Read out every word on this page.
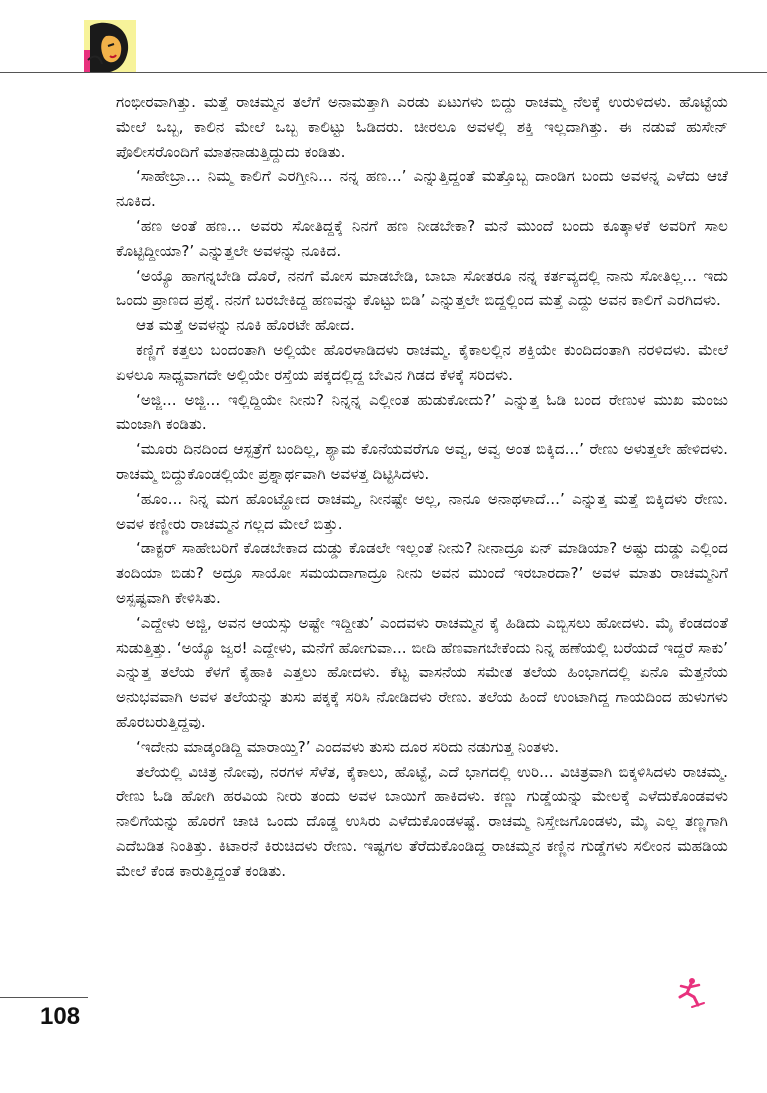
ಗಂಭೀರವಾಗಿತ್ತು. ಮತ್ತೆ ರಾಚಮ್ಮನ ತಲೆಗೆ ಅನಾಮತ್ತಾಗಿ ಎರಡು ಏಟುಗಳು ಬಿದ್ದು ರಾಚಮ್ಮ ನೆಲಕ್ಕೆ ಉರುಳಿದಳು. ಹೊಟ್ಟೆಯ ಮೇಲೆ ಒಬ್ಬ, ಕಾಲಿನ ಮೇಲೆ ಒಬ್ಬ ಕಾಲಿಟ್ಟು ಓಡಿದರು. ಚೀರಲೂ ಅವಳಲ್ಲಿ ಶಕ್ತಿ ಇಲ್ಲದಾಗಿತ್ತು. ಈ ನಡುವೆ ಹುಸೇನ್ ಪೊಲೀಸರೊಂದಿಗೆ ಮಾತನಾಡುತ್ತಿದ್ದುದು ಕಂಡಿತು.

‘ಸಾಹೇಬ್ರಾ... ನಿಮ್ಮ ಕಾಲಿಗೆ ಎರಗ್ತೀನಿ... ನನ್ನ ಹಣ...’ ಎನ್ನುತ್ತಿದ್ದಂತೆ ಮತ್ತೊಬ್ಬ ದಾಂಡಿಗ ಬಂದು ಅವಳನ್ನ ಎಳೆದು ಆಚೆ ನೂಕಿದ.

‘ಹಣ ಅಂತೆ ಹಣ... ಅವರು ಸೋತಿದ್ದಕ್ಕೆ ನಿನಗೆ ಹಣ ನೀಡಬೇಕಾ? ಮನೆ ಮುಂದೆ ಬಂದು ಕೂತ್ಕಾಳಕೆ ಅವರಿಗೆ ಸಾಲ ಕೊಟ್ಟಿದ್ದೀಯಾ?’ ಎನ್ನುತ್ತಲೇ ಅವಳನ್ನು ನೂಕಿದ.

‘ಅಯ್ಯೊ ಹಾಗನ್ನಬೇಡಿ ದೊರೆ, ನನಗೆ ಮೋಸ ಮಾಡಬೇಡಿ, ಬಾಬಾ ಸೋತರೂ ನನ್ನ ಕರ್ತವ್ಯದಲ್ಲಿ ನಾನು ಸೋತಿಲ್ಲ... ಇದು ಒಂದು ಪ್ರಾಣದ ಪ್ರಶ್ನೆ. ನನಗೆ ಬರಬೇಕಿದ್ದ ಹಣವನ್ನು ಕೊಟ್ಟು ಬಿಡಿ’ ಎನ್ನುತ್ತಲೇ ಬಿದ್ದಲ್ಲಿಂದ ಮತ್ತೆ ಎದ್ದು ಅವನ ಕಾಲಿಗೆ ಎರಗಿದಳು.

ಆತ ಮತ್ತೆ ಅವಳನ್ನು ನೂಕಿ ಹೊರಟೇ ಹೋದ.

ಕಣ್ಣಿಗೆ ಕತ್ತಲು ಬಂದಂತಾಗಿ ಅಲ್ಲಿಯೇ ಹೊರಳಾಡಿದಳು ರಾಚಮ್ಮ. ಕೈಕಾಲಲ್ಲಿನ ಶಕ್ತಿಯೇ ಕುಂದಿದಂತಾಗಿ ನರಳಿದಳು. ಮೇಲೆ ಏಳಲೂ ಸಾಧ್ಯವಾಗದೇ ಅಲ್ಲಿಯೇ ರಸ್ತೆಯ ಪಕ್ಕದಲ್ಲಿದ್ದ ಬೇವಿನ ಗಿಡದ ಕೆಳಕ್ಕೆ ಸರಿದಳು.

‘ಅಜ್ಜಿ... ಅಜ್ಜಿ... ಇಲ್ಲಿದ್ದಿಯೇ ನೀನು? ನಿನ್ನನ್ನ ಎಲ್ಲೀಂತ ಹುಡುಕೋದು?’ ಎನ್ನುತ್ತ ಓಡಿ ಬಂದ ರೇಣುಳ ಮುಖ ಮಂಜು ಮಂಜಾಗಿ ಕಂಡಿತು.

‘ಮೂರು ದಿನದಿಂದ ಆಸ್ಪತ್ರೆಗೆ ಬಂದಿಲ್ಲ, ಶ್ಯಾಮ ಕೊನೆಯವರೆಗೂ ಅವ್ವ, ಅವ್ವ ಅಂತ ಬಿಕ್ಕಿದ...’ ರೇಣು ಅಳುತ್ತಲೇ ಹೇಳಿದಳು. ರಾಚಮ್ಮ ಬಿದ್ದುಕೊಂಡಲ್ಲಿಯೇ ಪ್ರಶ್ನಾರ್ಥವಾಗಿ ಅವಳತ್ತ ದಿಟ್ಟಿಸಿದಳು.

‘ಹೂಂ... ನಿನ್ನ ಮಗ ಹೊಂಟ್ಹೋದ ರಾಚಮ್ಮ, ನೀನಷ್ಟೇ ಅಲ್ಲ, ನಾನೂ ಅನಾಥಳಾದೆ...’ ಎನ್ನುತ್ತ ಮತ್ತೆ ಬಿಕ್ಕಿದಳು ರೇಣು. ಅವಳ ಕಣ್ಣೀರು ರಾಚಮ್ಮನ ಗಲ್ಲದ ಮೇಲೆ ಬಿತ್ತು.

‘ಡಾಕ್ಟರ್ ಸಾಹೇಬರಿಗೆ ಕೊಡಬೇಕಾದ ದುಡ್ಡು ಕೊಡಲೇ ಇಲ್ಲಂತೆ ನೀನು? ನೀನಾದ್ರೂ ಏನ್ ಮಾಡಿಯಾ? ಅಷ್ಟು ದುಡ್ಡು ಎಲ್ಲಿಂದ ತಂದಿಯಾ ಬಿಡು? ಅದ್ರೂ ಸಾಯೋ ಸಮಯದಾಗಾದ್ರೂ ನೀನು ಅವನ ಮುಂದೆ ಇರಬಾರದಾ?’ ಅವಳ ಮಾತು ರಾಚಮ್ಮನಿಗೆ ಅಸ್ಪಷ್ಟವಾಗಿ ಕೇಳಿಸಿತು.

‘ಎದ್ದೇಳು ಅಜ್ಜಿ, ಅವನ ಆಯಸ್ಸು ಅಷ್ಟೇ ಇದ್ದೀತು’ ಎಂದವಳು ರಾಚಮ್ಮನ ಕೈ ಹಿಡಿದು ಎಬ್ಬಿಸಲು ಹೋದಳು. ಮೈ ಕೆಂಡದಂತೆ ಸುಡುತ್ತಿತ್ತು. ‘ಅಯ್ಯೊ ಜ್ವರ! ಎದ್ದೇಳು, ಮನೆಗೆ ಹೋಗುವಾ... ಬೀದಿ ಹೆಣವಾಗಬೇಕೆಂದು ನಿನ್ನ ಹಣೆಯಲ್ಲಿ ಬರೆಯದೆ ಇದ್ದರೆ ಸಾಕು’ ಎನ್ನುತ್ತ ತಲೆಯ ಕೆಳಗೆ ಕೈಹಾಕಿ ಎತ್ತಲು ಹೋದಳು. ಕೆಟ್ಟ ವಾಸನೆಯ ಸಮೇತ ತಲೆಯ ಹಿಂಭಾಗದಲ್ಲಿ ಏನೊ ಮೆತ್ತನೆಯ ಅನುಭವವಾಗಿ ಅವಳ ತಲೆಯನ್ನು ತುಸು ಪಕ್ಕಕ್ಕೆ ಸರಿಸಿ ನೋಡಿದಳು ರೇಣು. ತಲೆಯ ಹಿಂದೆ ಉಂಟಾಗಿದ್ದ ಗಾಯದಿಂದ ಹುಳುಗಳು ಹೊರಬರುತ್ತಿದ್ದವು.

‘ಇದೇನು ಮಾಡ್ಕಂಡಿದ್ದಿ ಮಾರಾಯ್ತಿ?’ ಎಂದವಳು ತುಸು ದೂರ ಸರಿದು ನಡುಗುತ್ತ ನಿಂತಳು.

ತಲೆಯಲ್ಲಿ ವಿಚಿತ್ರ ನೋವು, ನರಗಳ ಸೆಳೆತ, ಕೈಕಾಲು, ಹೊಟ್ಟೆ, ಎದೆ ಭಾಗದಲ್ಲಿ ಉರಿ... ವಿಚಿತ್ರವಾಗಿ ಬಿಕ್ಕಳಿಸಿದಳು ರಾಚಮ್ಮ. ರೇಣು ಓಡಿ ಹೋಗಿ ಹರವಿಯ ನೀರು ತಂದು ಅವಳ ಬಾಯಿಗೆ ಹಾಕಿದಳು. ಕಣ್ಣು ಗುಡ್ಡೆಯನ್ನು ಮೇಲಕ್ಕೆ ಎಳೆದುಕೊಂಡವಳು ನಾಲಿಗೆಯನ್ನು ಹೊರಗೆ ಚಾಚಿ ಒಂದು ದೊಡ್ಡ ಉಸಿರು ಎಳೆದುಕೊಂಡಳಷ್ಟೆ. ರಾಚಮ್ಮ ನಿಸ್ತೇಜಗೊಂಡಳು, ಮೈ ಎಲ್ಲ ತಣ್ಣಗಾಗಿ ಎದೆಬಡಿತ ನಿಂತಿತ್ತು. ಕಿಟಾರನೆ ಕಿರುಚಿದಳು ರೇಣು. ಇಷ್ಟಗಲ ತೆರೆದುಕೊಂಡಿದ್ದ ರಾಚಮ್ಮನ ಕಣ್ಣಿನ ಗುಡ್ಡೆಗಳು ಸಲೀಂನ ಮಹಡಿಯ ಮೇಲೆ ಕೆಂಡ ಕಾರುತ್ತಿದ್ದಂತೆ ಕಂಡಿತು.

108
